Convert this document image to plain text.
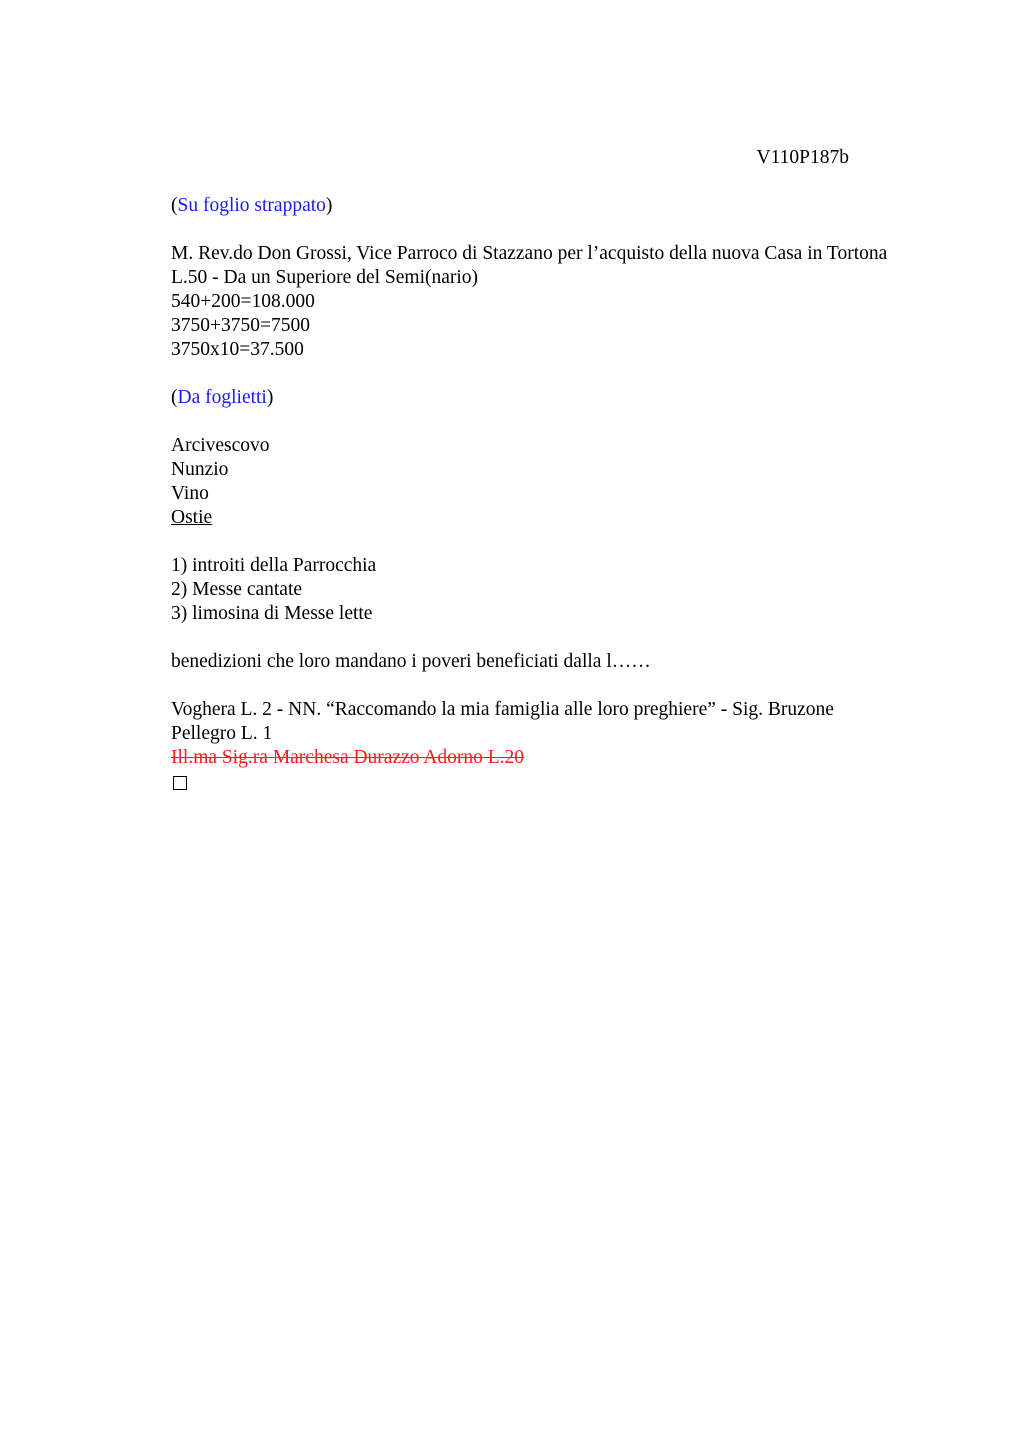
V110P187b

(Su foglio strappato)

M. Rev.do Don Grossi, Vice Parroco di Stazzano per l’acquisto della nuova Casa in Tortona L.50 - Da un Superiore del Semi(nario)
540+200=108.000
3750+3750=7500
3750x10=37.500

(Da foglietti)

Arcivescovo
Nunzio
Vino
Ostie

1) introiti della Parrocchia
2) Messe cantate
3) limosina di Messe lette

benedizioni che loro mandano i poveri beneficiati dalla l……

Voghera L. 2 - NN. “Raccomando la mia famiglia alle loro preghiere” - Sig. Bruzone Pellegro L. 1
Ill.ma Sig.ra Marchesa Durazzo Adorno L.20
